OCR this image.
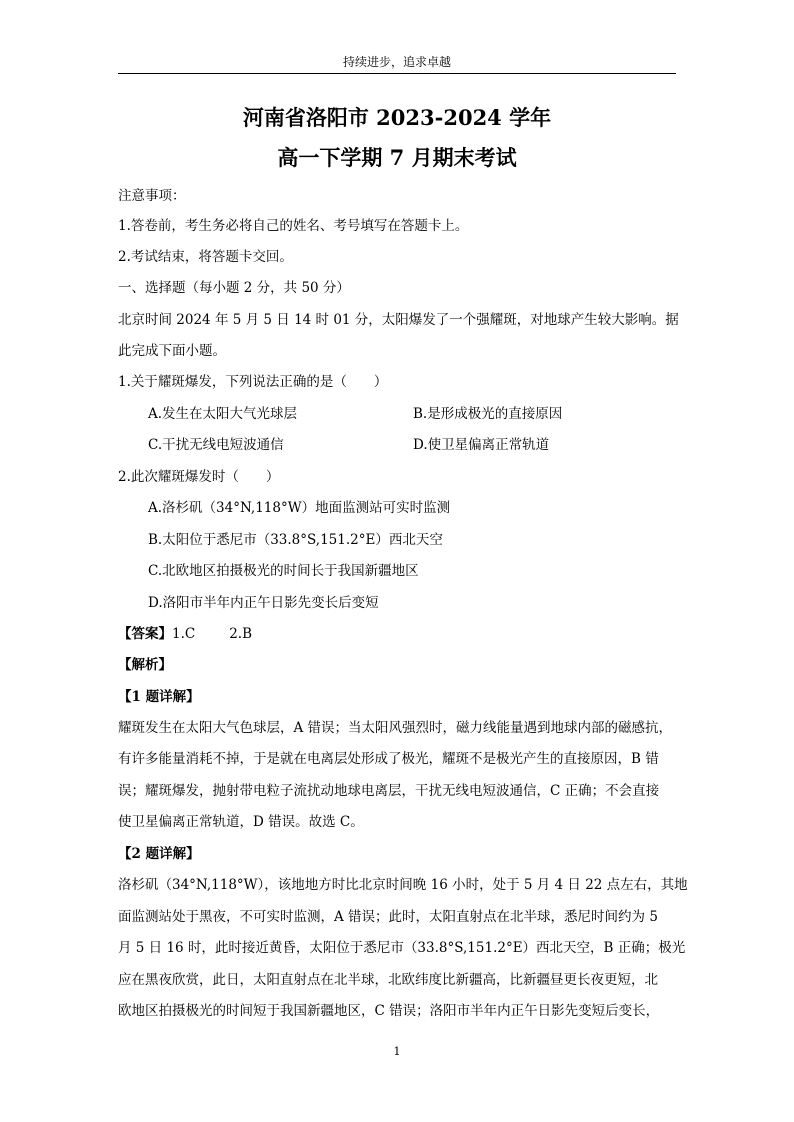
持续进步，追求卓越
河南省洛阳市 2023-2024 学年
高一下学期 7 月期末考试
注意事项：
1.答卷前，考生务必将自己的姓名、考号填写在答题卡上。
2.考试结束，将答题卡交回。
一、选择题（每小题 2 分，共 50 分）
北京时间 2024 年 5 月 5 日 14 时 01 分，太阳爆发了一个强耀斑，对地球产生较大影响。据
此完成下面小题。
1.关于耀斑爆发，下列说法正确的是（　　）
A.发生在太阳大气光球层	B.是形成极光的直接原因
C.干扰无线电短波通信	D.使卫星偏离正常轨道
2.此次耀斑爆发时（　　）
A.洛杉矶（34°N,118°W）地面监测站可实时监测
B.太阳位于悉尼市（33.8°S,151.2°E）西北天空
C.北欧地区拍摄极光的时间长于我国新疆地区
D.洛阳市半年内正午日影先变长后变短
【答案】1.C	2.B
【解析】
【1 题详解】
耀斑发生在太阳大气色球层，A 错误；当太阳风强烈时，磁力线能量遇到地球内部的磁感抗，
有许多能量消耗不掉，于是就在电离层处形成了极光，耀斑不是极光产生的直接原因，B 错
误；耀斑爆发，抛射带电粒子流扰动地球电离层，干扰无线电短波通信，C 正确；不会直接
使卫星偏离正常轨道，D 错误。故选 C。
【2 题详解】
洛杉矶（34°N,118°W），该地地方时比北京时间晚 16 小时，处于 5 月 4 日 22 点左右，其地
面监测站处于黑夜，不可实时监测，A 错误；此时，太阳直射点在北半球，悉尼时间约为 5
月 5 日 16 时，此时接近黄昏，太阳位于悉尼市（33.8°S,151.2°E）西北天空，B 正确；极光
应在黑夜欣赏，此日，太阳直射点在北半球，北欧纬度比新疆高，比新疆昼更长夜更短，北
欧地区拍摄极光的时间短于我国新疆地区，C 错误；洛阳市半年内正午日影先变短后变长，
1
